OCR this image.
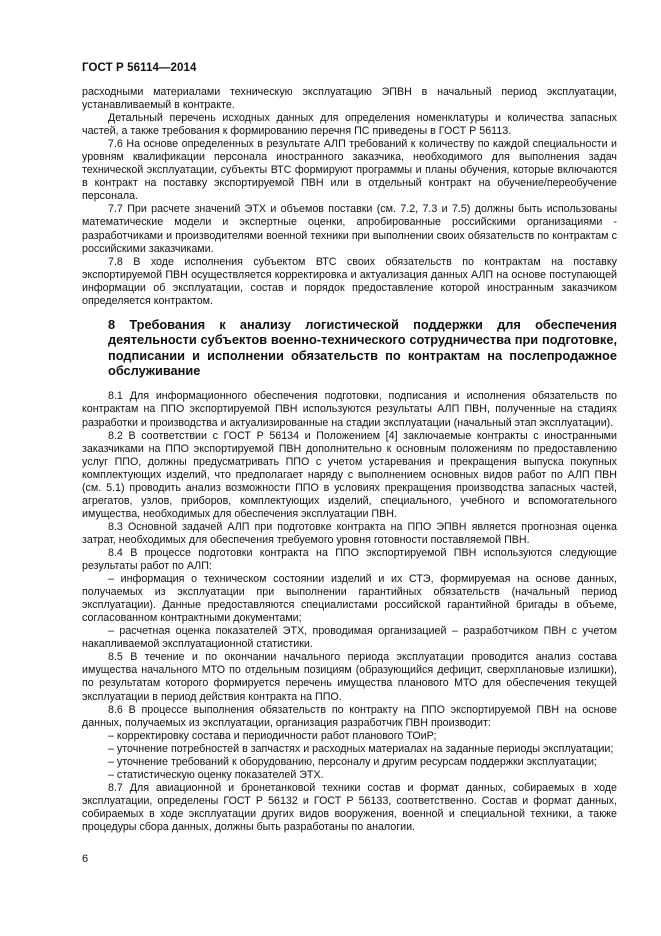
ГОСТ Р 56114—2014

расходными материалами техническую эксплуатацию ЭПВН в начальный период эксплуатации, устанавливаемый в контракте.

Детальный перечень исходных данных для определения номенклатуры и количества запасных частей, а также требования к формированию перечня ПС приведены в ГОСТ Р 56113.

7.6 На основе определенных в результате АЛП требований к количеству по каждой специальности и уровням квалификации персонала иностранного заказчика, необходимого для выполнения задач технической эксплуатации, субъекты ВТС формируют программы и планы обучения, которые включаются в контракт на поставку экспортируемой ПВН или в отдельный контракт на обучение/переобучение персонала.

7.7 При расчете значений ЭТХ и объемов поставки (см. 7.2, 7.3 и 7.5) должны быть использованы математические модели и экспертные оценки, апробированные российскими организациями - разработчиками и производителями военной техники при выполнении своих обязательств по контрактам с российскими заказчиками.

7.8 В ходе исполнения субъектом ВТС своих обязательств по контрактам на поставку экспортируемой ПВН осуществляется корректировка и актуализация данных АЛП на основе поступающей информации об эксплуатации, состав и порядок предоставление которой иностранным заказчиком определяется контрактом.

8 Требования к анализу логистической поддержки для обеспечения деятельности субъектов военно-технического сотрудничества при подготовке, подписании и исполнении обязательств по контрактам на послепродажное обслуживание

8.1 Для информационного обеспечения подготовки, подписания и исполнения обязательств по контрактам на ППО экспортируемой ПВН используются результаты АЛП ПВН, полученные на стадиях разработки и производства и актуализированные на стадии эксплуатации (начальный этап эксплуатации).

8.2 В соответствии с ГОСТ Р 56134 и Положением [4] заключаемые контракты с иностранными заказчиками на ППО экспортируемой ПВН дополнительно к основным положениям по предоставлению услуг ППО, должны предусматривать ППО с учетом устаревания и прекращения выпуска покупных комплектующих изделий, что предполагает наряду с выполнением основных видов работ по АЛП ПВН (см. 5.1) проводить анализ возможности ППО в условиях прекращения производства запасных частей, агрегатов, узлов, приборов, комплектующих изделий, специального, учебного и вспомогательного имущества, необходимых для обеспечения эксплуатации ПВН.

8.3 Основной задачей АЛП при подготовке контракта на ППО ЭПВН является прогнозная оценка затрат, необходимых для обеспечения требуемого уровня готовности поставляемой ПВН.

8.4 В процессе подготовки контракта на ППО экспортируемой ПВН используются следующие результаты работ по АЛП:

– информация о техническом состоянии изделий и их СТЭ, формируемая на основе данных, получаемых из эксплуатации при выполнении гарантийных обязательств (начальный период эксплуатации). Данные предоставляются специалистами российской гарантийной бригады в объеме, согласованном контрактными документами;

– расчетная оценка показателей ЭТХ, проводимая организацией – разработчиком ПВН с учетом накапливаемой эксплуатационной статистики.

8.5 В течение и по окончании начального периода эксплуатации проводится анализ состава имущества начального МТО по отдельным позициям (образующийся дефицит, сверхплановые излишки), по результатам которого формируется перечень имущества планового МТО для обеспечения текущей эксплуатации в период действия контракта на ППО.

8.6 В процессе выполнения обязательств по контракту на ППО экспортируемой ПВН на основе данных, получаемых из эксплуатации, организация разработчик ПВН производит:

– корректировку состава и периодичности работ планового ТОиР;

– уточнение потребностей в запчастях и расходных материалах на заданные периоды эксплуатации;

– уточнение требований к оборудованию, персоналу и другим ресурсам поддержки эксплуатации;

– статистическую оценку показателей ЭТХ.

8.7 Для авиационной и бронетанковой техники состав и формат данных, собираемых в ходе эксплуатации, определены ГОСТ Р 56132 и ГОСТ Р 56133, соответственно. Состав и формат данных, собираемых в ходе эксплуатации других видов вооружения, военной и специальной техники, а также процедуры сбора данных, должны быть разработаны по аналогии.

6
